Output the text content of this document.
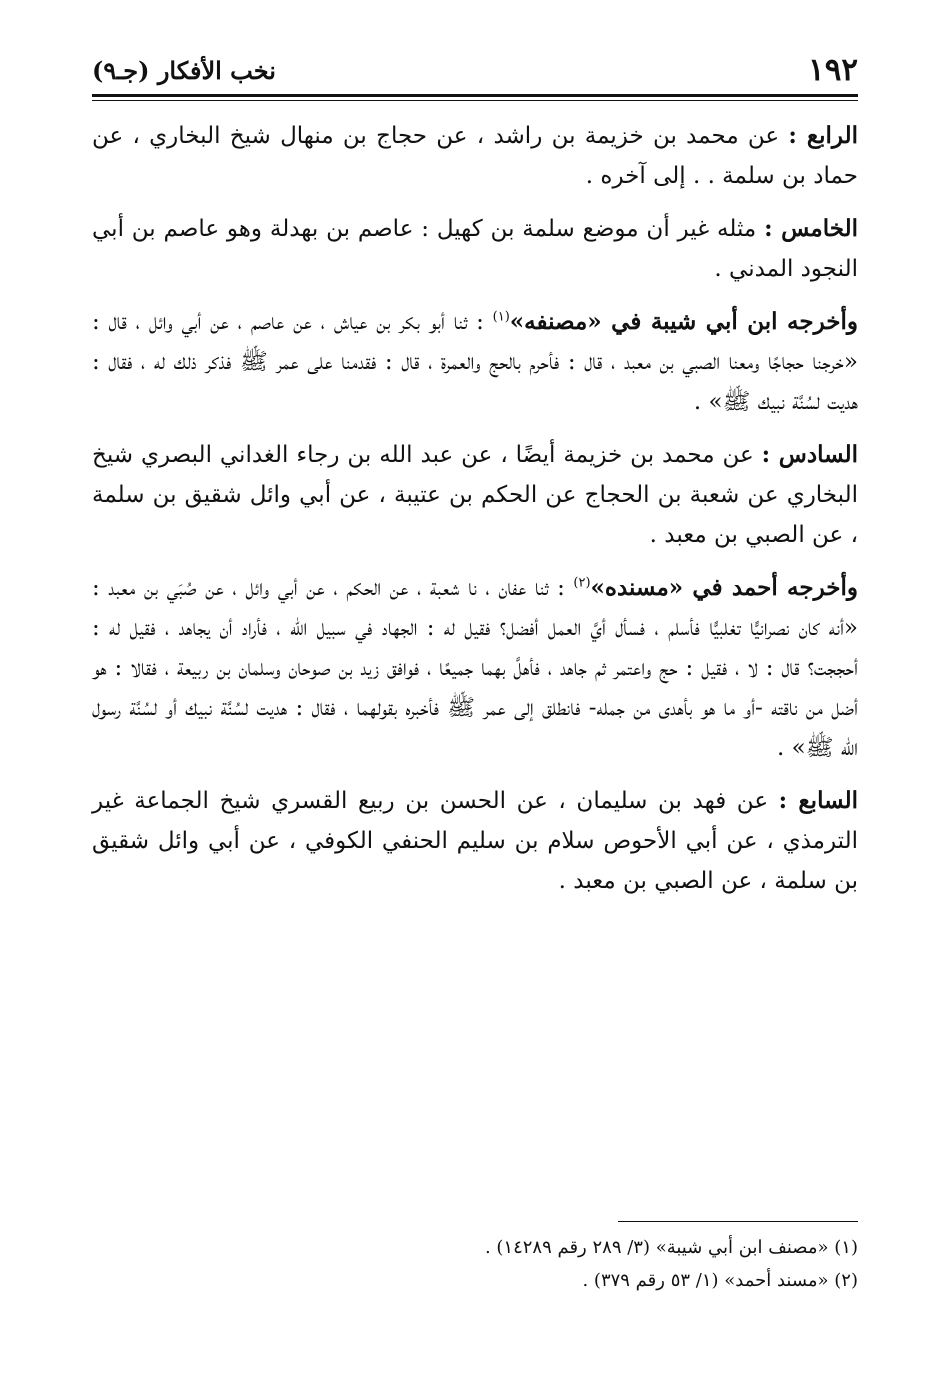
١٩٢
نخب الأفكار (جـ٩)

الرابع : عن محمد بن خزيمة بن راشد ، عن حجاج بن منهال شيخ البخاري ، عن حماد بن سلمة . . إلى آخره .

الخامس : مثله غير أن موضع سلمة بن كهيل : عاصم بن بهدلة وهو عاصم بن أبي النجود المدني .

وأخرجه ابن أبي شيبة في «مصنفه»$^{(١)}$ : ثنا أبو بكر بن عياش ، عن عاصم ، عن أبي وائل ، قال : «خرجنا حجاجًا ومعنا الصبي بن معبد ، قال : فأحرم بالحج والعمرة ، قال : فقدمنا على عمر ﷺ فذكر ذلك له ، فقال : هديت لسُنَّة نبيك ﷺ» .

السادس : عن محمد بن خزيمة أيضًا ، عن عبد الله بن رجاء الغداني البصري شيخ البخاري عن شعبة بن الحجاج عن الحكم بن عتيبة ، عن أبي وائل شقيق بن سلمة ، عن الصبي بن معبد .

وأخرجه أحمد في «مسنده»$^{(٢)}$ : ثنا عفان ، نا شعبة ، عن الحكم ، عن أبي وائل ، عن صُبَي بن معبد : «أنه كان نصرانيًّا تغلبيًّا فأسلم ، فسأل أيَّ العمل أفضل؟ فقيل له : الجهاد في سبيل الله ، فأراد أن يجاهد ، فقيل له : أحججت؟ قال : لا ، فقيل : حج واعتمر ثم جاهد ، فأهلَّ بهما جميعًا ، فوافق زيد بن صوحان وسلمان بن ربيعة ، فقالا : هو أضل من ناقته -أو ما هو بأهدى من جمله- فانطلق إلى عمر ﷺ فأخبره بقولهما ، فقال : هديت لسُنَّة نبيك أو لسُنَّة رسول الله ﷺ» .

السابع : عن فهد بن سليمان ، عن الحسن بن ربيع القسري شيخ الجماعة غير الترمذي ، عن أبي الأحوص سلام بن سليم الحنفي الكوفي ، عن أبي وائل شقيق بن سلمة ، عن الصبي بن معبد .

(١) «مصنف ابن أبي شيبة» (٣/ ٢٨٩ رقم ١٤٢٨٩) .

(٢) «مسند أحمد» (١/ ٥٣ رقم ٣٧٩) .
